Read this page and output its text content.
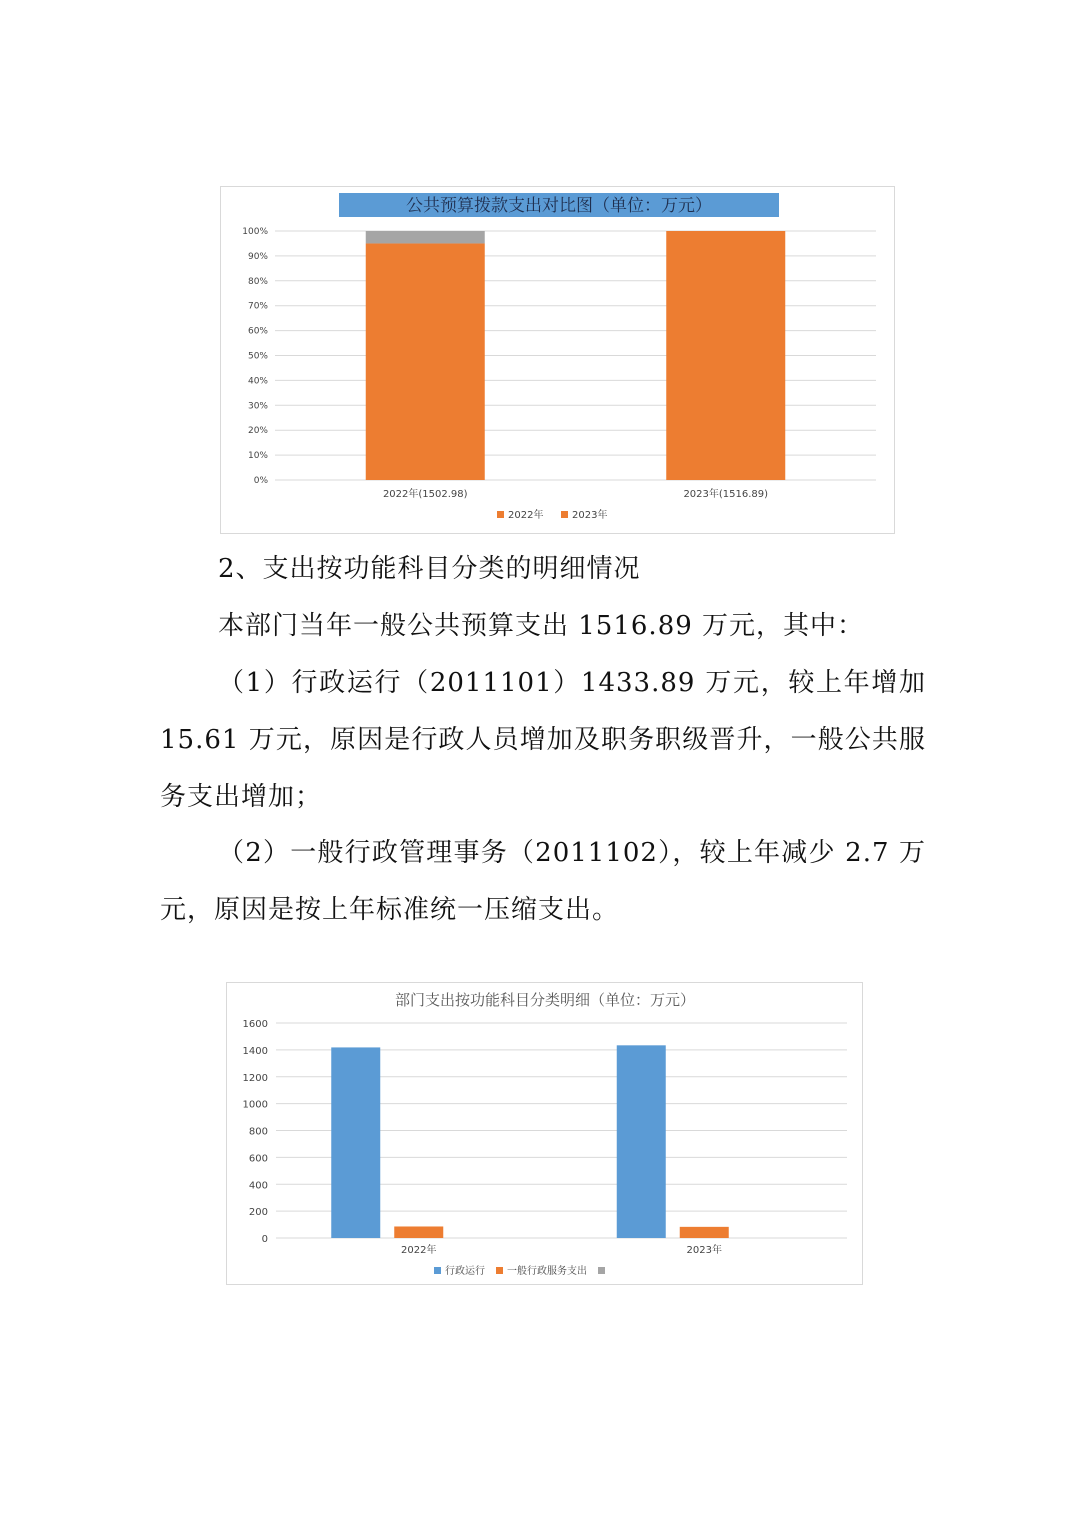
公共预算拨款支出对比图（单位：万元）
0%
10%
20%
30%
40%
50%
60%
70%
80%
90%
100%
2022年(1502.98)	2023年(1516.89)
2022年	2023年

2、支出按功能科目分类的明细情况

本部门当年一般公共预算支出 1516.89 万元，其中：

（1）行政运行（2011101）1433.89 万元，较上年增加 15.61 万元，原因是行政人员增加及职务职级晋升，一般公共服务支出增加；

（2）一般行政管理事务（2011102），较上年减少 2.7 万元，原因是按上年标准统一压缩支出。

部门支出按功能科目分类明细（单位：万元）
0
200
400
600
800
1000
1200
1400
1600
2022年	2023年
行政运行 一般行政服务支出
